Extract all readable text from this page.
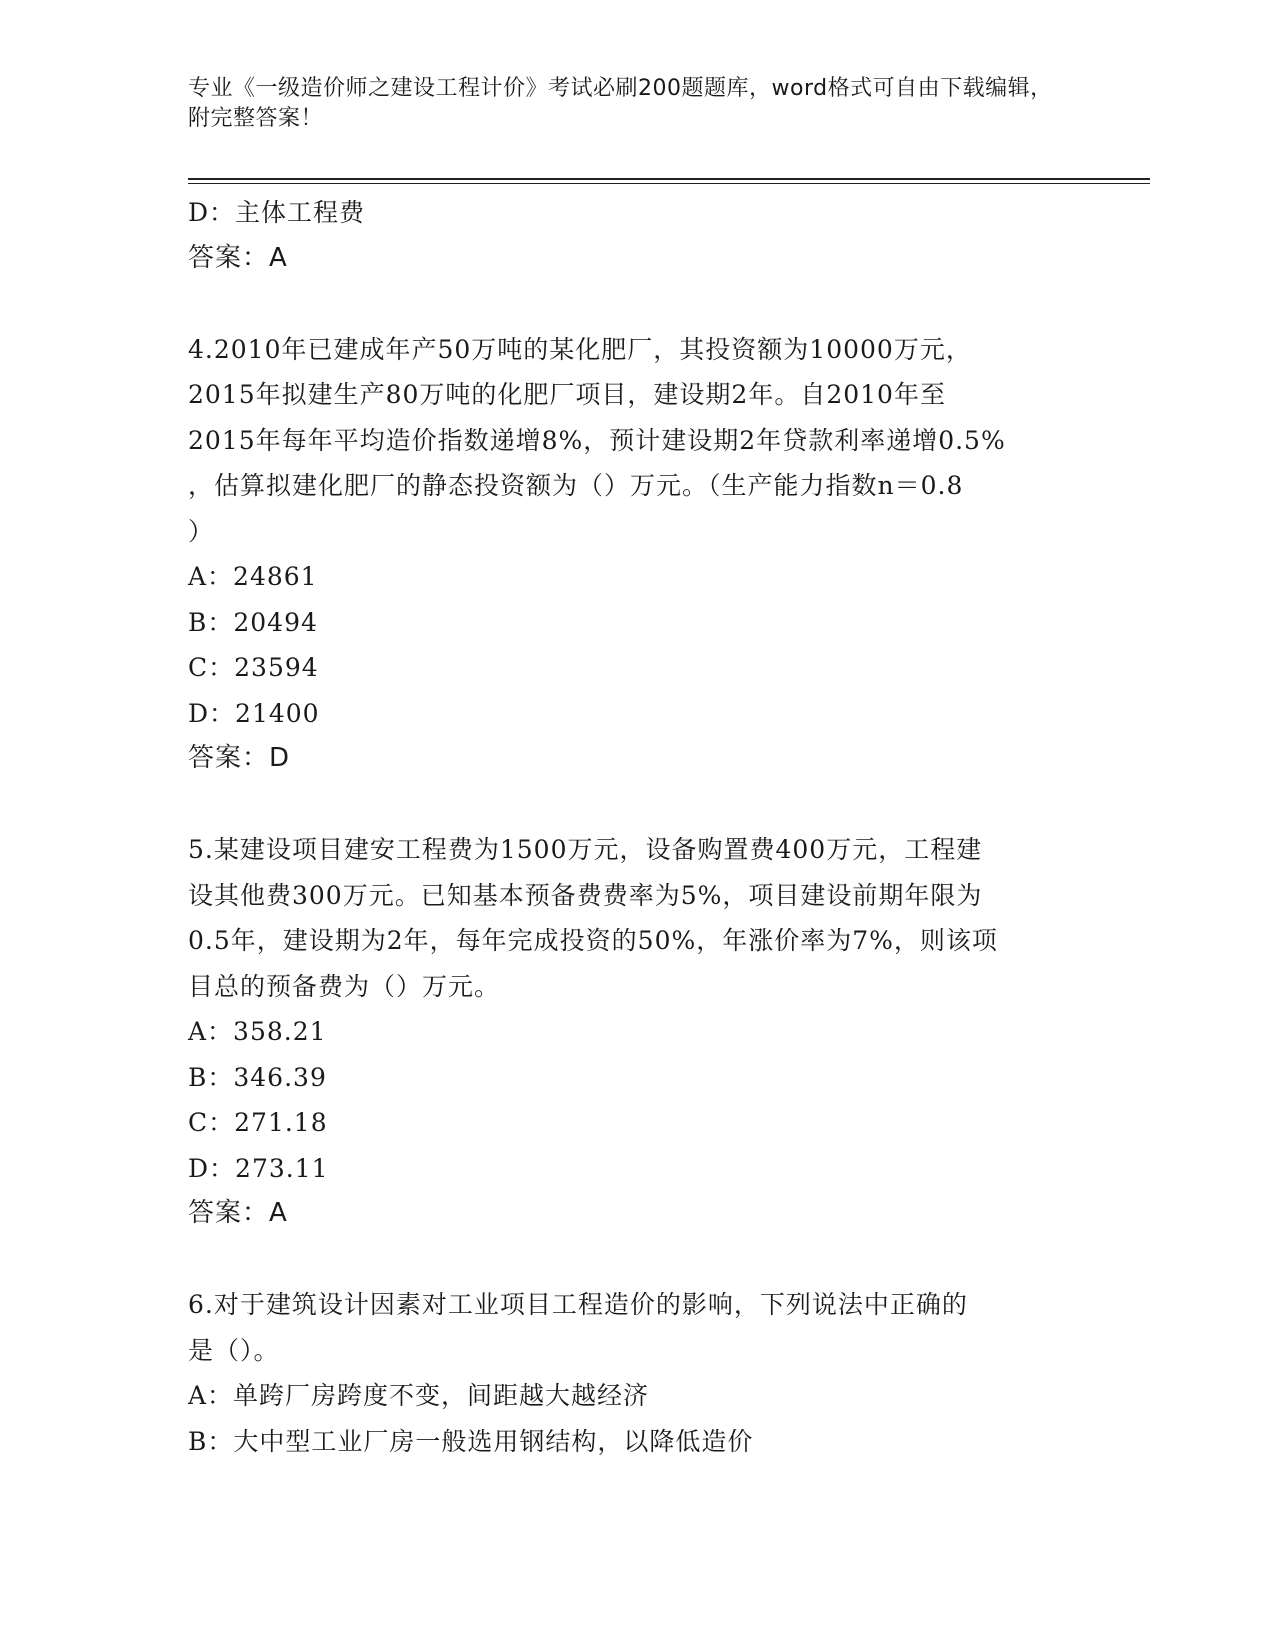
专业《一级造价师之建设工程计价》考试必刷200题题库，word格式可自由下载编辑，附完整答案！
D：主体工程费
答案：A
4.2010年已建成年产50万吨的某化肥厂，其投资额为10000万元，
2015年拟建生产80万吨的化肥厂项目，建设期2年。自2010年至
2015年每年平均造价指数递增8%，预计建设期2年贷款利率递增0.5%
，估算拟建化肥厂的静态投资额为（）万元。（生产能力指数n＝0.8
）
A：24861
B：20494
C：23594
D：21400
答案：D
5.某建设项目建安工程费为1500万元，设备购置费400万元，工程建
设其他费300万元。已知基本预备费费率为5%，项目建设前期年限为
0.5年，建设期为2年，每年完成投资的50%，年涨价率为7%，则该项
目总的预备费为（）万元。
A：358.21
B：346.39
C：271.18
D：273.11
答案：A
6.对于建筑设计因素对工业项目工程造价的影响，下列说法中正确的
是（）。
A：单跨厂房跨度不变，间距越大越经济
B：大中型工业厂房一般选用钢结构，以降低造价
